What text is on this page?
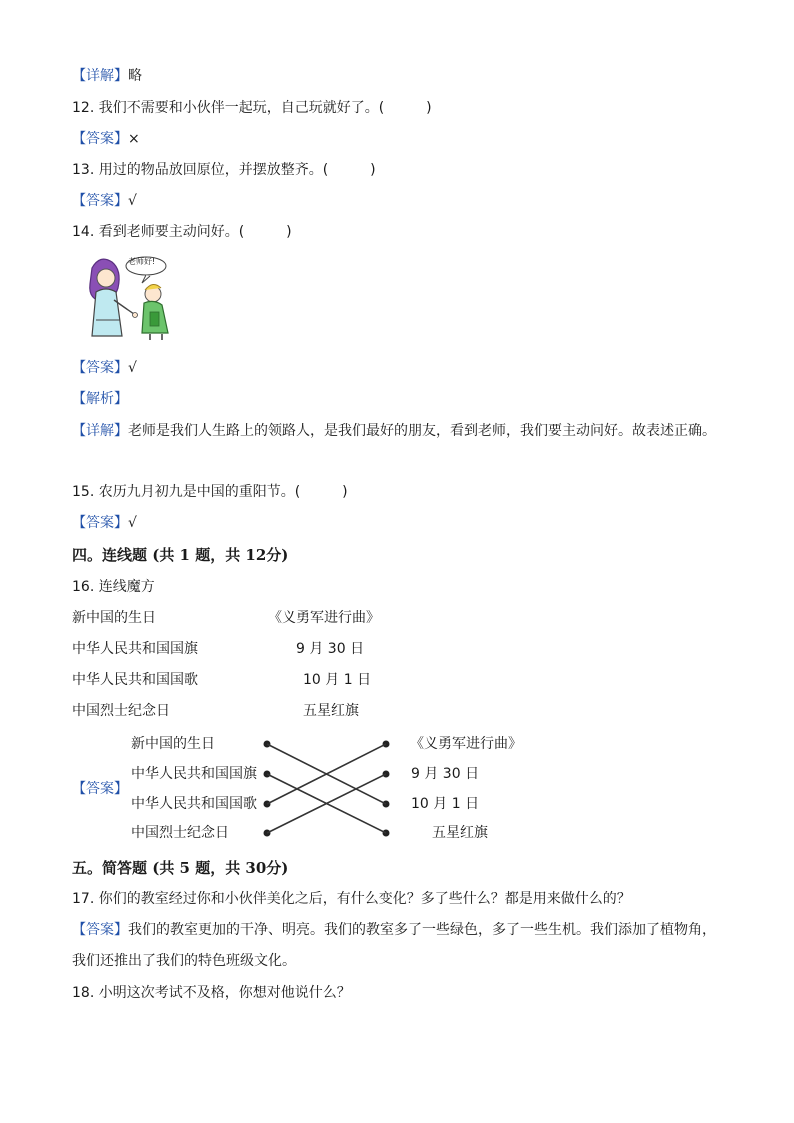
【详解】略
12. 我们不需要和小伙伴一起玩，自己玩就好了。(　　　)
【答案】×
13. 用过的物品放回原位，并摆放整齐。(　　　)
【答案】√
14. 看到老师要主动问好。(　　　)
老师好!
【答案】√
【解析】
【详解】老师是我们人生路上的领路人，是我们最好的朋友，看到老师，我们要主动问好。故表述正确。
15. 农历九月初九是中国的重阳节。(　　　)
【答案】√
四。连线题 (共 1 题，共 12分)
16. 连线魔方
新中国的生日
中华人民共和国国旗
中华人民共和国国歌
中国烈士纪念日
《义勇军进行曲》
9 月 30 日
10 月 1 日
五星红旗
【答案】
新中国的生日
中华人民共和国国旗
中华人民共和国国歌
中国烈士纪念日
《义勇军进行曲》
9 月 30 日
10 月 1 日
五星红旗
五。简答题 (共 5 题，共 30分)
17. 你们的教室经过你和小伙伴美化之后，有什么变化？多了些什么？都是用来做什么的？
【答案】我们的教室更加的干净、明亮。我们的教室多了一些绿色，多了一些生机。我们添加了植物角，
我们还推出了我们的特色班级文化。
18. 小明这次考试不及格，你想对他说什么？
